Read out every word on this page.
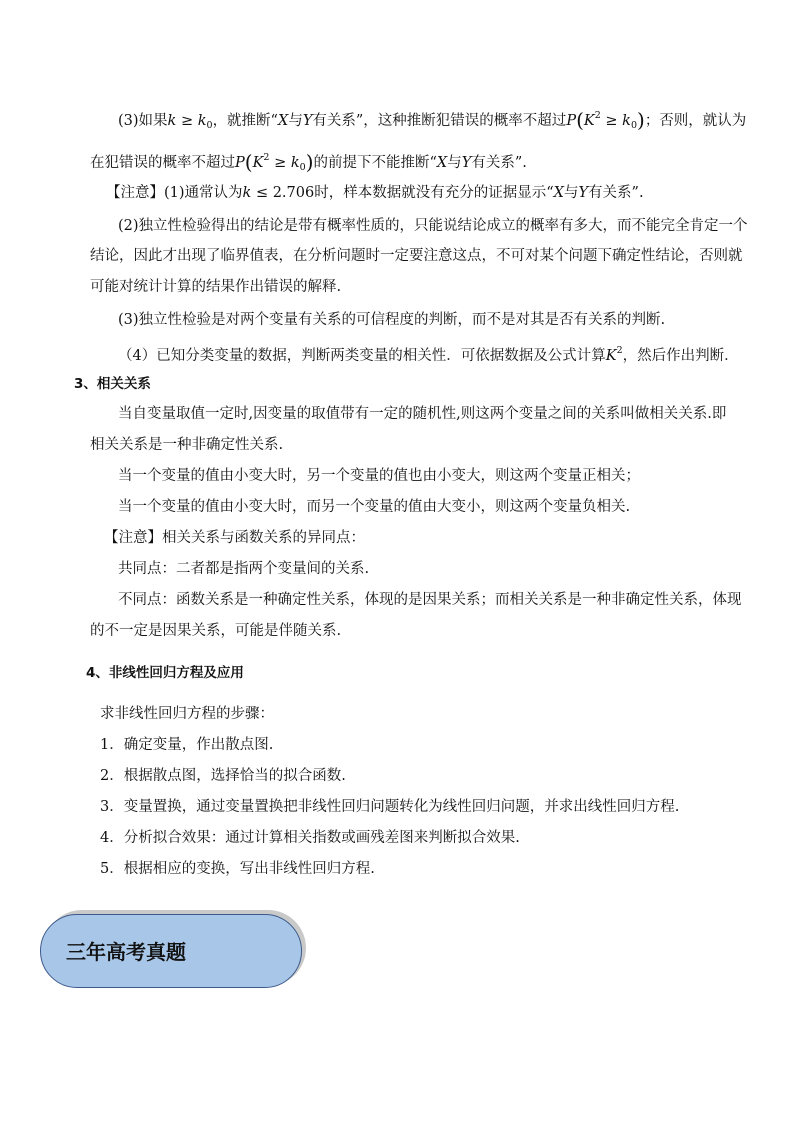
(3)如果$k \ge k_0$，就推断“X与Y有关系”，这种推断犯错误的概率不超过$P(K^2 \ge k_0)$；否则，就认为
在犯错误的概率不超过$P(K^2 \ge k_0)$的前提下不能推断“X与Y有关系”.
【注意】(1)通常认为k ≤ 2.706时，样本数据就没有充分的证据显示“X与Y有关系”.
(2)独立性检验得出的结论是带有概率性质的，只能说结论成立的概率有多大，而不能完全肯定一个
结论，因此才出现了临界值表，在分析问题时一定要注意这点，不可对某个问题下确定性结论，否则就
可能对统计计算的结果作出错误的解释.
(3)独立性检验是对两个变量有关系的可信程度的判断，而不是对其是否有关系的判断.
（4）已知分类变量的数据，判断两类变量的相关性．可依据数据及公式计算$K^2$，然后作出判断．
3、相关关系
当自变量取值一定时,因变量的取值带有一定的随机性,则这两个变量之间的关系叫做相关关系.即
相关关系是一种非确定性关系.
当一个变量的值由小变大时，另一个变量的值也由小变大，则这两个变量正相关；
当一个变量的值由小变大时，而另一个变量的值由大变小，则这两个变量负相关.
【注意】相关关系与函数关系的异同点：
共同点：二者都是指两个变量间的关系.
不同点：函数关系是一种确定性关系，体现的是因果关系；而相关关系是一种非确定性关系，体现
的不一定是因果关系，可能是伴随关系.
4、非线性回归方程及应用
求非线性回归方程的步骤：
1．确定变量，作出散点图.
2．根据散点图，选择恰当的拟合函数.
3．变量置换，通过变量置换把非线性回归问题转化为线性回归问题，并求出线性回归方程.
4．分析拟合效果：通过计算相关指数或画残差图来判断拟合效果.
5．根据相应的变换，写出非线性回归方程.
三年高考真题
